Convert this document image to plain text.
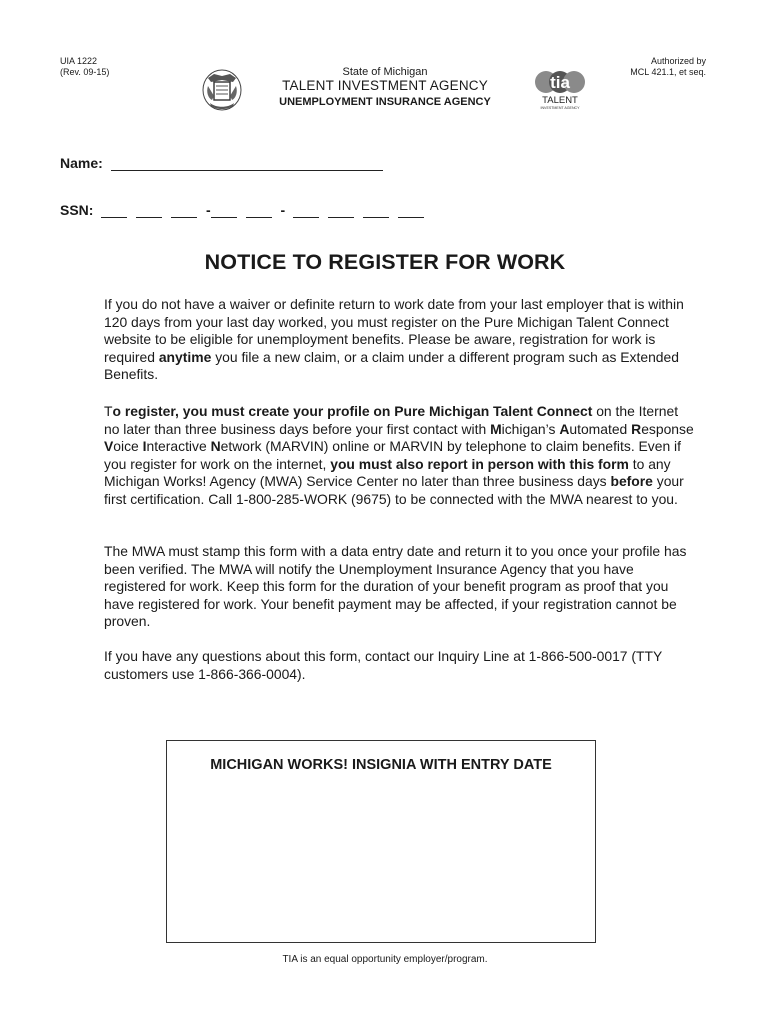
UIA 1222
(Rev. 09-15)
Authorized by
MCL 421.1, et seq.
State of Michigan
TALENT INVESTMENT AGENCY
UNEMPLOYMENT INSURANCE AGENCY
tia
TALENT
INVESTMENT AGENCY
Name:
SSN:	-	-
NOTICE TO REGISTER FOR WORK
If you do not have a waiver or definite return to work date from your last employer that is within 120 days from your last day worked, you must register on the Pure Michigan Talent Connect website to be eligible for unemployment benefits. Please be aware, registration for work is required anytime you file a new claim, or a claim under a different program such as Extended Benefits.
To register, you must create your profile on Pure Michigan Talent Connect on the Iternet no later than three business days before your first contact with Michigan’s Automated Response Voice Interactive Network (MARVIN) online or MARVIN by telephone to claim benefits. Even if you register for work on the internet, you must also report in person with this form to any Michigan Works! Agency (MWA) Service Center no later than three business days before your first certification. Call 1-800-285-WORK (9675) to be connected with the MWA nearest to you.
The MWA must stamp this form with a data entry date and return it to you once your profile has been verified. The MWA will notify the Unemployment Insurance Agency that you have registered for work. Keep this form for the duration of your benefit program as proof that you have registered for work. Your benefit payment may be affected, if your registration cannot be proven.
If you have any questions about this form, contact our Inquiry Line at 1-866-500-0017 (TTY customers use 1-866-366-0004).
MICHIGAN WORKS! INSIGNIA WITH ENTRY DATE
TIA is an equal opportunity employer/program.
